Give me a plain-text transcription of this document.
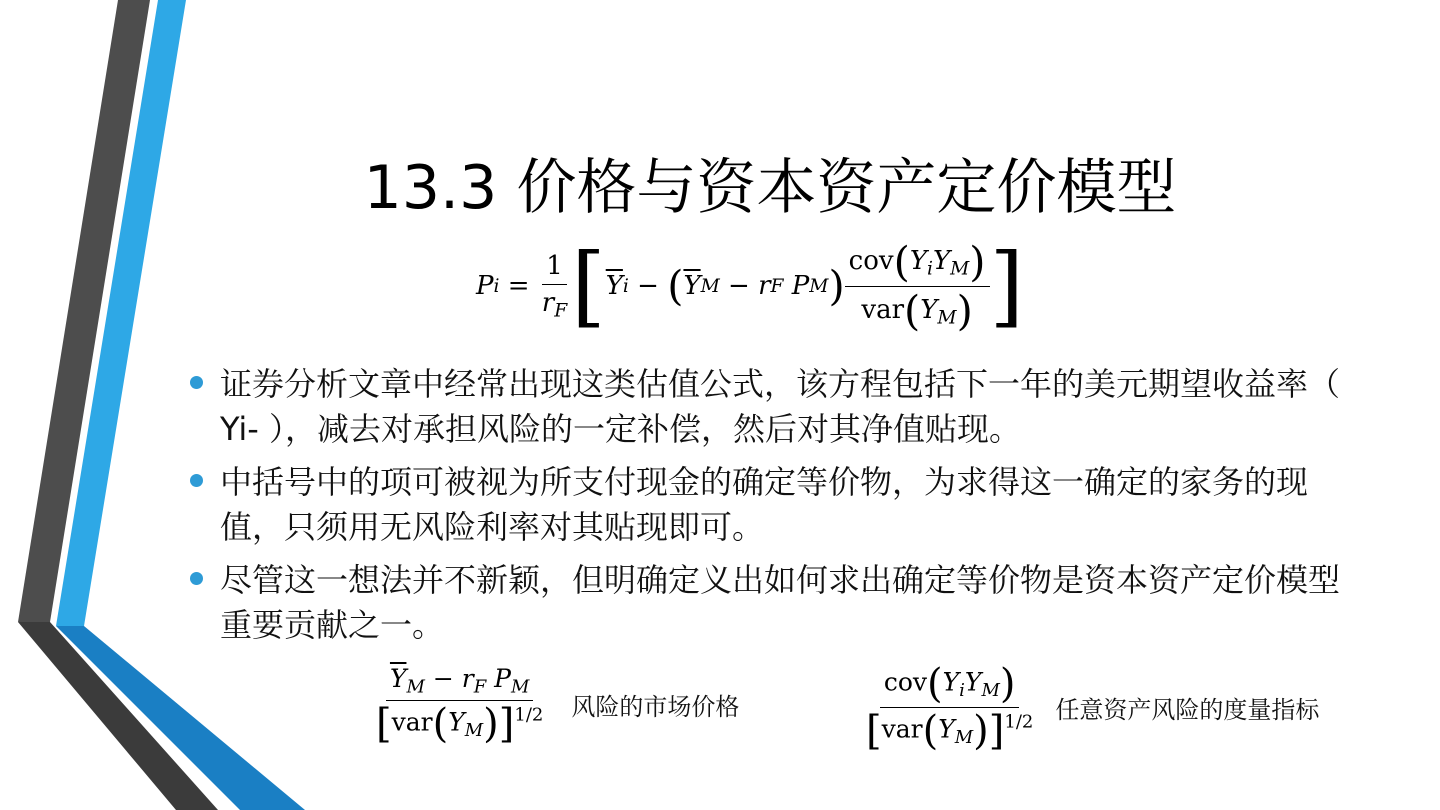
13.3 价格与资本资产定价模型
P $i = \frac{1}{r_F}$ [ $\overline{Y}$ i − ( $\overline{Y}$ M − r F
P M ) $\frac{cov(Y_iY_M)}{var(Y_M)}$ ]
证券分析文章中经常出现这类估值公式，该方程包括下一年的美元期望收益率（ Yi- ），减去对承担风险的一定补偿，然后对其净值贴现。
中括号中的项可被视为所支付现金的确定等价物，为求得这一确定的家务的现值，只须用无风险利率对其贴现即可。
尽管这一想法并不新颖，但明确定义出如何求出确定等价物是资本资产定价模型重要贡献之一。
$\frac{\overline{Y}_M - r_F P_M}{[var(Y_M)]^{1/2}}$ 风险的市场价格	$\frac{cov(Y_iY_M)}{[var(Y_M)]^{1/2}}$ 任意资产风险的度量指标
